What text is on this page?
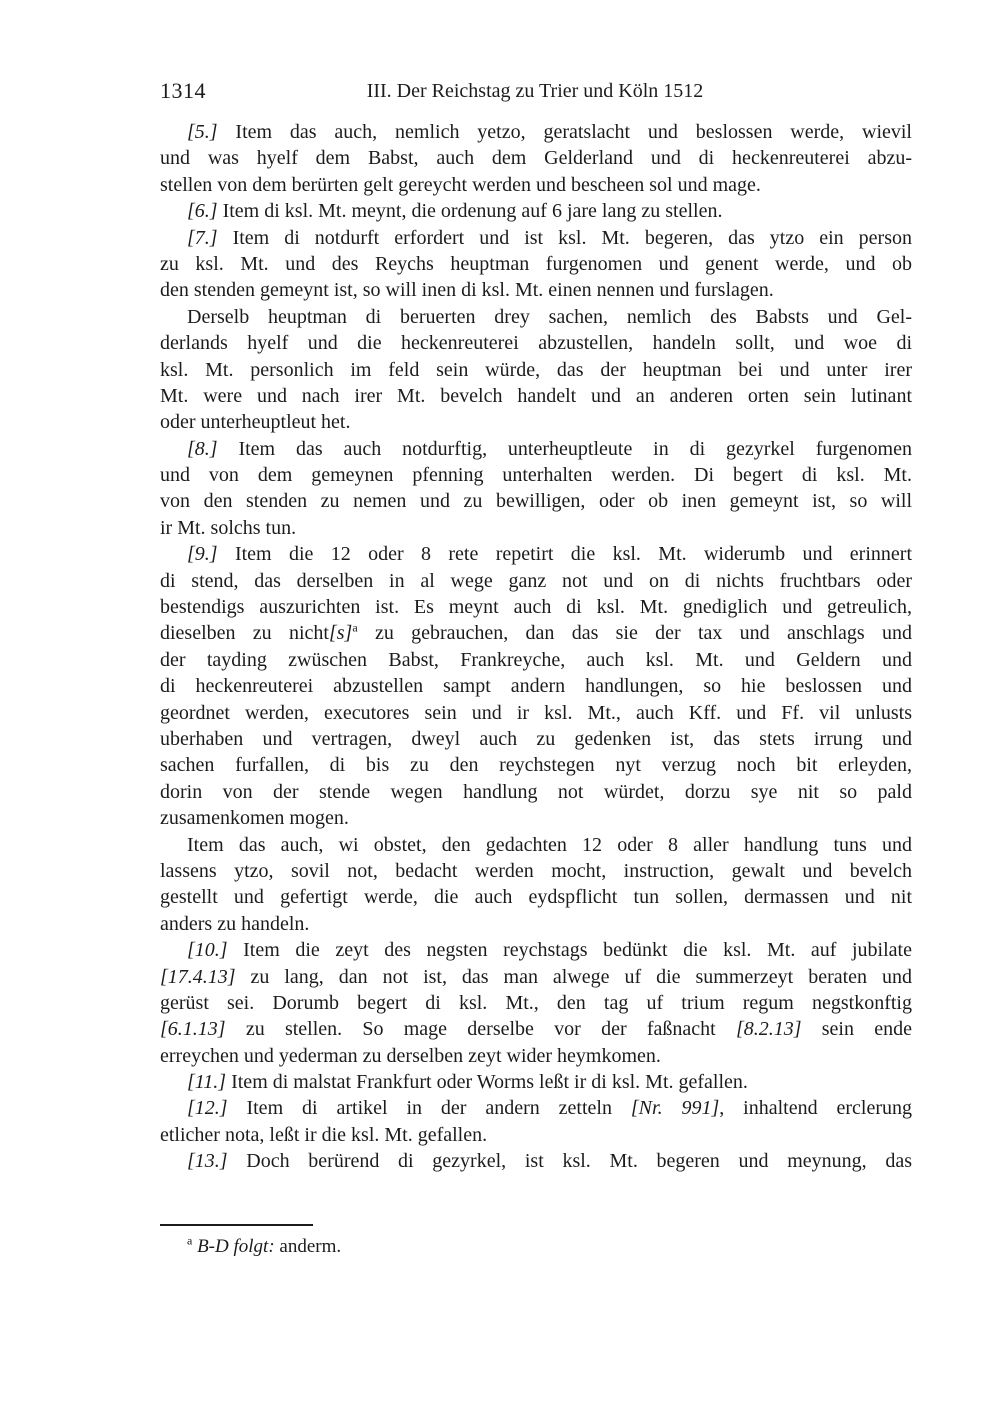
1314	III. Der Reichstag zu Trier und Köln 1512
[5.] Item das auch, nemlich yetzo, geratslacht und beslossen werde, wievil
und was hyelf dem Babst, auch dem Gelderland und di heckenreuterei abzu-
stellen von dem berürten gelt gereycht werden und bescheen sol und mage.
[6.] Item di ksl. Mt. meynt, die ordenung auf 6 jare lang zu stellen.
[7.] Item di notdurft erfordert und ist ksl. Mt. begeren, das ytzo ein person
zu ksl. Mt. und des Reychs heuptman furgenomen und genent werde, und ob
den stenden gemeynt ist, so will inen di ksl. Mt. einen nennen und furslagen.
Derselb heuptman di beruerten drey sachen, nemlich des Babsts und Gel-
derlands hyelf und die heckenreuterei abzustellen, handeln sollt, und woe di
ksl. Mt. personlich im feld sein würde, das der heuptman bei und unter irer
Mt. were und nach irer Mt. bevelch handelt und an anderen orten sein lutinant
oder unterheuptleut het.
[8.] Item das auch notdurftig, unterheuptleute in di gezyrkel furgenomen
und von dem gemeynen pfenning unterhalten werden. Di begert di ksl. Mt.
von den stenden zu nemen und zu bewilligen, oder ob inen gemeynt ist, so will
ir Mt. solchs tun.
[9.] Item die 12 oder 8 rete repetirt die ksl. Mt. widerumb und erinnert
di stend, das derselben in al wege ganz not und on di nichts fruchtbars oder
bestendigs auszurichten ist. Es meynt auch di ksl. Mt. gnediglich und getreulich,
dieselben zu $nicht[s]^a$ zu gebrauchen, dan das sie der tax und anschlags und
der tayding zwüschen Babst, Frankreyche, auch ksl. Mt. und Geldern und
di heckenreuterei abzustellen sampt andern handlungen, so hie beslossen und
geordnet werden, executores sein und ir ksl. Mt., auch Kff. und Ff. vil unlusts
uberhaben und vertragen, dweyl auch zu gedenken ist, das stets irrung und
sachen furfallen, di bis zu den reychstegen nyt verzug noch bit erleyden,
dorin von der stende wegen handlung not würdet, dorzu sye nit so pald
zusamenkomen mogen.
Item das auch, wi obstet, den gedachten 12 oder 8 aller handlung tuns und
lassens ytzo, sovil not, bedacht werden mocht, instruction, gewalt und bevelch
gestellt und gefertigt werde, die auch eydspflicht tun sollen, dermassen und nit
anders zu handeln.
[10.] Item die zeyt des negsten reychstags bedünkt die ksl. Mt. auf jubilate
[17.4.13] zu lang, dan not ist, das man alwege uf die summerzeyt beraten und
gerüst sei. Dorumb begert di ksl. Mt., den tag uf trium regum negstkonftig
[6.1.13] zu stellen. So mage derselbe vor der faßnacht [8.2.13] sein ende
erreychen und yederman zu derselben zeyt wider heymkomen.
[11.] Item di malstat Frankfurt oder Worms leßt ir di ksl. Mt. gefallen.
[12.] Item di artikel in der andern zetteln [Nr. 991], inhaltend erclerung
etlicher nota, leßt ir die ksl. Mt. gefallen.
[13.] Doch berürend di gezyrkel, ist ksl. Mt. begeren und meynung, das
$^a$ B-D folgt: anderm.
